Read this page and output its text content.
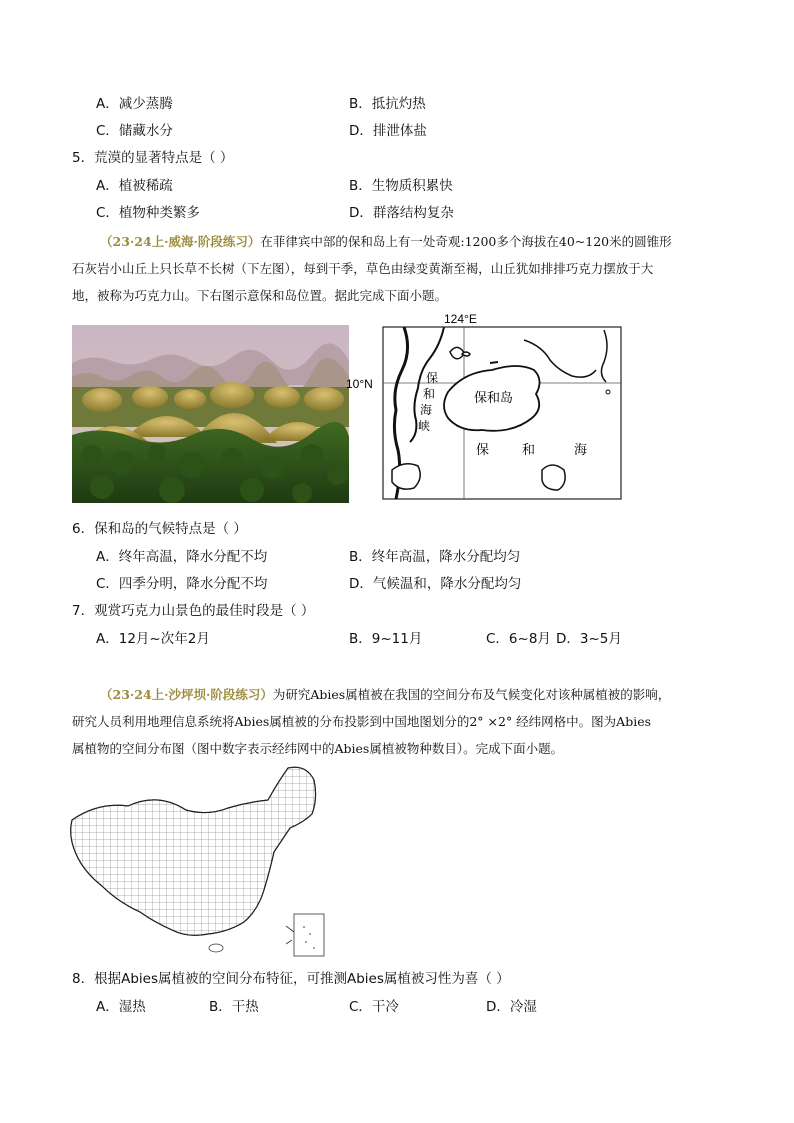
A．减少蒸腾	B．抵抗灼热
C．储藏水分	D．排泄体盐
5．荒漠的显著特点是（ ）
A．植被稀疏	B．生物质积累快
C．植物种类繁多	D．群落结构复杂
（23·24上·威海·阶段练习）在菲律宾中部的保和岛上有一处奇观:1200多个海拔在40~120米的圆锥形
石灰岩小山丘上只长草不长树（下左图），每到干季，草色由绿变黄渐至褐，山丘犹如排排巧克力摆放于大
地，被称为巧克力山。下右图示意保和岛位置。据此完成下面小题。
124°E
10°N
保和岛
保
和
海
峡
保	和	海
6．保和岛的气候特点是（ ）
A．终年高温，降水分配不均	B．终年高温，降水分配均匀
C．四季分明，降水分配不均	D．气候温和，降水分配均匀
7．观赏巧克力山景色的最佳时段是（ ）
A．12月~次年2月	B．9~11月	C．6~8月 D．3~5月
（23·24上·沙坪坝·阶段练习）为研究Abies属植被在我国的空间分布及气候变化对该种属植被的影响，
研究人员利用地理信息系统将Abies属植被的分布投影到中国地图划分的2° ×2° 经纬网格中。图为Abies
属植物的空间分布图（图中数字表示经纬网中的Abies属植被物种数目）。完成下面小题。
8．根据Abies属植被的空间分布特征，可推测Abies属植被习性为喜（ ）
A．湿热	B．干热	C．干冷	D．冷湿
